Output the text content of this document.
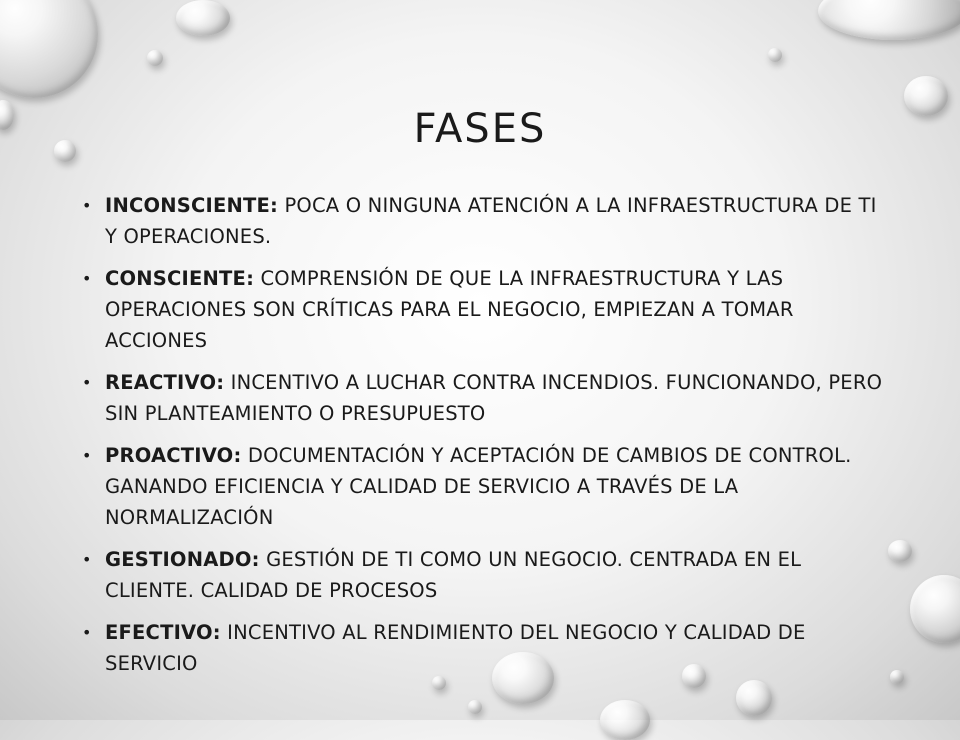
FASES
• INCONSCIENTE: POCA O NINGUNA ATENCIÓN A LA INFRAESTRUCTURA DE TI Y OPERACIONES.
• CONSCIENTE: COMPRENSIÓN DE QUE LA INFRAESTRUCTURA Y LAS OPERACIONES SON CRÍTICAS PARA EL NEGOCIO, EMPIEZAN A TOMAR ACCIONES
• REACTIVO: INCENTIVO A LUCHAR CONTRA INCENDIOS. FUNCIONANDO, PERO SIN PLANTEAMIENTO O PRESUPUESTO
• PROACTIVO: DOCUMENTACIÓN Y ACEPTACIÓN DE CAMBIOS DE CONTROL. GANANDO EFICIENCIA Y CALIDAD DE SERVICIO A TRAVÉS DE LA NORMALIZACIÓN
• GESTIONADO: GESTIÓN DE TI COMO UN NEGOCIO. CENTRADA EN EL CLIENTE. CALIDAD DE PROCESOS
• EFECTIVO: INCENTIVO AL RENDIMIENTO DEL NEGOCIO Y CALIDAD DE SERVICIO
